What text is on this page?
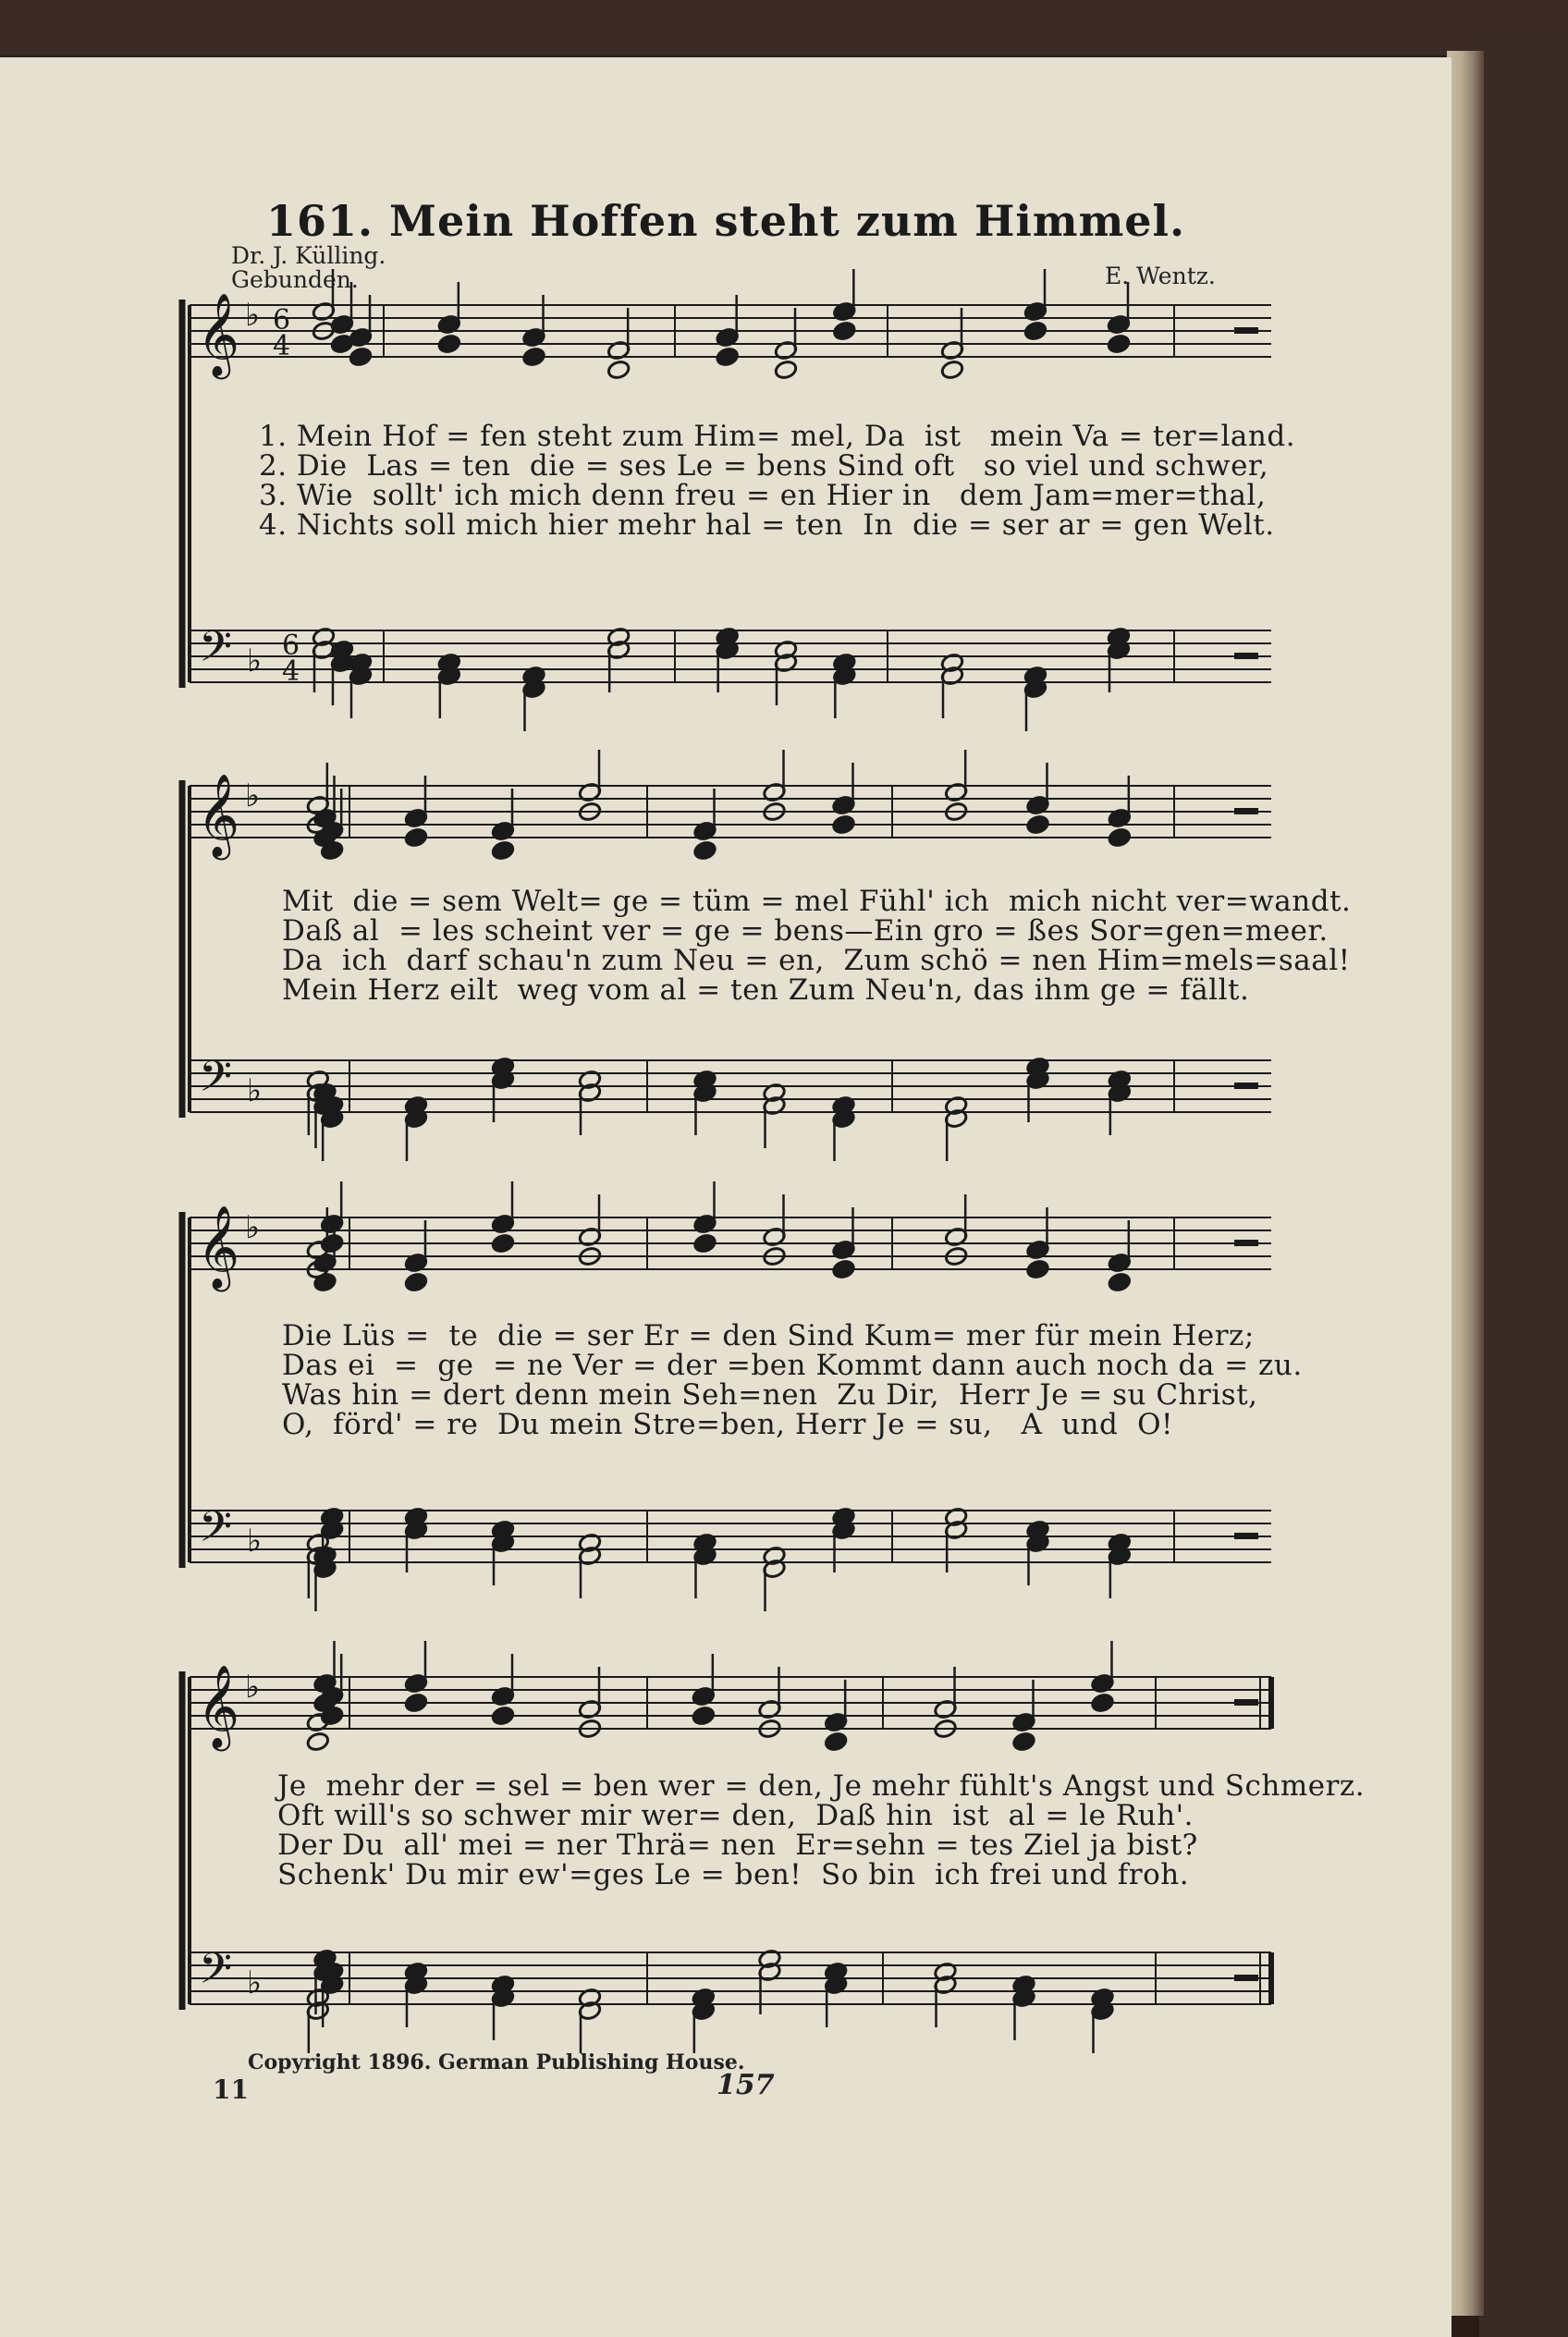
161. Mein Hoffen steht zum Himmel.
Dr. J. Külling.
Gebunden.	E. Wentz.
𝄞
𝄢
♭
♭
6
4
6
4
𝄞
𝄢
♭
♭
𝄞
𝄢
♭
♭
𝄞
𝄢
♭
♭
1. Mein Hof = fen steht zum Him= mel, Da  ist   mein Va = ter=land.
2. Die  Las = ten  die = ses Le = bens Sind oft   so viel und schwer,
3. Wie  sollt' ich mich denn freu = en Hier in   dem Jam=mer=thal,
4. Nichts soll mich hier mehr hal = ten  In  die = ser ar = gen Welt.
Mit  die = sem Welt= ge = tüm = mel Fühl' ich  mich nicht ver=wandt.
Daß al  = les scheint ver = ge = bens—Ein gro = ßes Sor=gen=meer.
Da  ich  darf schau'n zum Neu = en,  Zum schö = nen Him=mels=saal!
Mein Herz eilt  weg vom al = ten Zum Neu'n, das ihm ge = fällt.
Die Lüs =  te  die = ser Er = den Sind Kum= mer für mein Herz;
Das ei  =  ge  = ne Ver = der =ben Kommt dann auch noch da = zu.
Was hin = dert denn mein Seh=nen  Zu Dir,  Herr Je = su Christ,
O,  förd' = re  Du mein Stre=ben, Herr Je = su,   A  und  O!
Je  mehr der = sel = ben wer = den, Je mehr fühlt's Angst und Schmerz.
Oft will's so schwer mir wer= den,  Daß hin  ist  al = le Ruh'.
Der Du  all' mei = ner Thrä= nen  Er=sehn = tes Ziel ja bist?
Schenk' Du mir ew'=ges Le = ben!  So bin  ich frei und froh.
Copyright 1896. German Publishing House.
11	157
